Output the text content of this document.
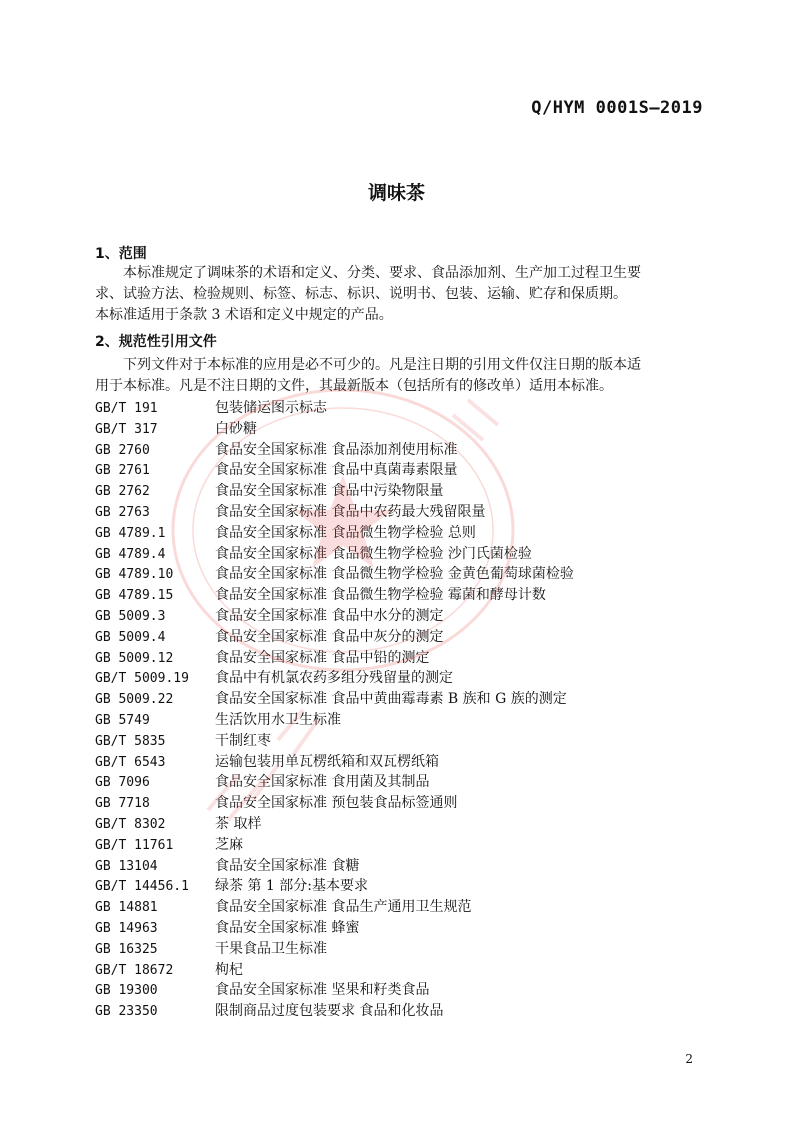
Q/HYM 0001S—2019
调味茶
1、范围
本标准规定了调味茶的术语和定义、分类、要求、食品添加剂、生产加工过程卫生要
求、试验方法、检验规则、标签、标志、标识、说明书、包装、运输、贮存和保质期。
本标准适用于条款 3 术语和定义中规定的产品。
2、规范性引用文件
下列文件对于本标准的应用是必不可少的。凡是注日期的引用文件仅注日期的版本适
用于本标准。凡是不注日期的文件，其最新版本（包括所有的修改单）适用本标准。
GB/T 191	包装储运图示标志
GB/T 317	白砂糖
GB 2760	食品安全国家标准 食品添加剂使用标准
GB 2761	食品安全国家标准 食品中真菌毒素限量
GB 2762	食品安全国家标准 食品中污染物限量
GB 2763	食品安全国家标准 食品中农药最大残留限量
GB 4789.1	食品安全国家标准 食品微生物学检验 总则
GB 4789.4	食品安全国家标准 食品微生物学检验 沙门氏菌检验
GB 4789.10	食品安全国家标准 食品微生物学检验 金黄色葡萄球菌检验
GB 4789.15	食品安全国家标准 食品微生物学检验 霉菌和酵母计数
GB 5009.3	食品安全国家标准 食品中水分的测定
GB 5009.4	食品安全国家标准 食品中灰分的测定
GB 5009.12	食品安全国家标准 食品中铅的测定
GB/T 5009.19 食品中有机氯农药多组分残留量的测定
GB 5009.22	食品安全国家标准 食品中黄曲霉毒素 B 族和 G 族的测定
GB 5749	生活饮用水卫生标准
GB/T 5835	干制红枣
GB/T 6543	运输包装用单瓦楞纸箱和双瓦楞纸箱
GB 7096	食品安全国家标准 食用菌及其制品
GB 7718	食品安全国家标准 预包装食品标签通则
GB/T 8302	茶 取样
GB/T 11761	芝麻
GB 13104	食品安全国家标准 食糖
GB/T 14456.1 绿茶 第 1 部分:基本要求
GB 14881	食品安全国家标准 食品生产通用卫生规范
GB 14963	食品安全国家标准 蜂蜜
GB 16325	干果食品卫生标准
GB/T 18672	枸杞
GB 19300	食品安全国家标准 坚果和籽类食品
GB 23350	限制商品过度包装要求 食品和化妆品
2
